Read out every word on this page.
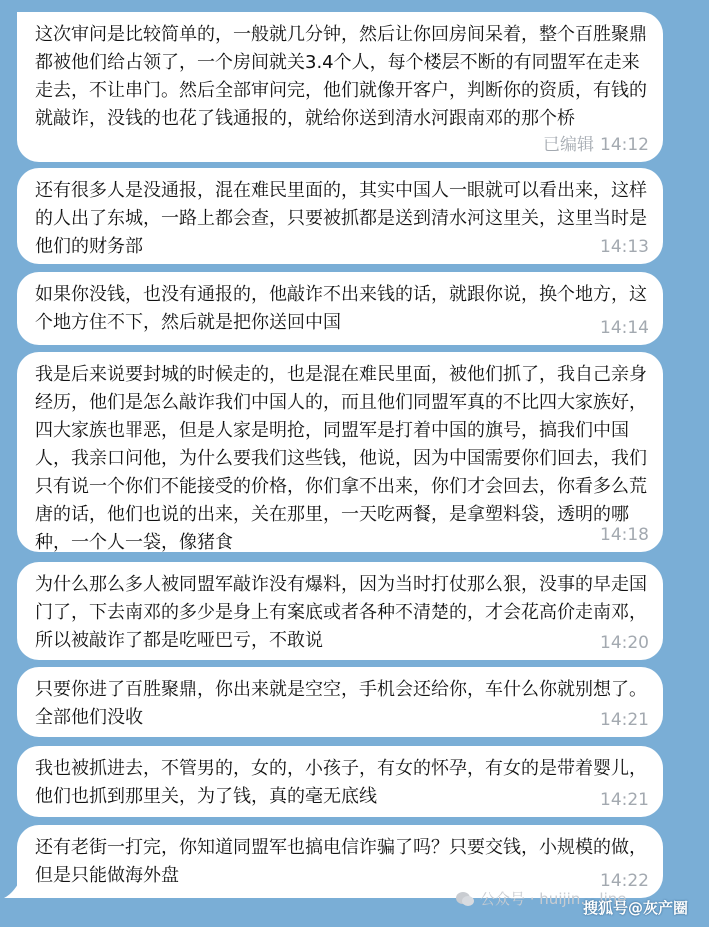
这次审问是比较简单的，一般就几分钟，然后让你回房间呆着，整个百胜聚鼎都被他们给占领了，一个房间就关3.4个人，每个楼层不断的有同盟军在走来走去，不让串门。然后全部审问完，他们就像开客户，判断你的资质，有钱的就敲诈，没钱的也花了钱通报的，就给你送到清水河跟南邓的那个桥
已编辑 14:12
还有很多人是没通报，混在难民里面的，其实中国人一眼就可以看出来，这样的人出了东城，一路上都会查，只要被抓都是送到清水河这里关，这里当时是他们的财务部	14:13
如果你没钱，也没有通报的，他敲诈不出来钱的话，就跟你说，换个地方，这个地方住不下，然后就是把你送回中国	14:14
我是后来说要封城的时候走的，也是混在难民里面，被他们抓了，我自己亲身经历，他们是怎么敲诈我们中国人的，而且他们同盟军真的不比四大家族好，四大家族也罪恶，但是人家是明抢，同盟军是打着中国的旗号，搞我们中国人，我亲口问他，为什么要我们这些钱，他说，因为中国需要你们回去，我们只有说一个你们不能接受的价格，你们拿不出来，你们才会回去，你看多么荒唐的话，他们也说的出来，关在那里，一天吃两餐，是拿塑料袋，透明的哪种，一个人一袋，像猪食	14:18
为什么那么多人被同盟军敲诈没有爆料，因为当时打仗那么狠，没事的早走国门了，下去南邓的多少是身上有案底或者各种不清楚的，才会花高价走南邓，所以被敲诈了都是吃哑巴亏，不敢说	14:20
只要你进了百胜聚鼎，你出来就是空空，手机会还给你，车什么你就别想了。全部他们没收	14:21
我也被抓进去，不管男的，女的，小孩子，有女的怀孕，有女的是带着婴儿，他们也抓到那里关，为了钱，真的毫无底线	14:21
还有老街一打完，你知道同盟军也搞电信诈骗了吗？只要交钱，小规模的做，但是只能做海外盘	14:22
公众号 · huijin... line
搜狐号@灰产圈
